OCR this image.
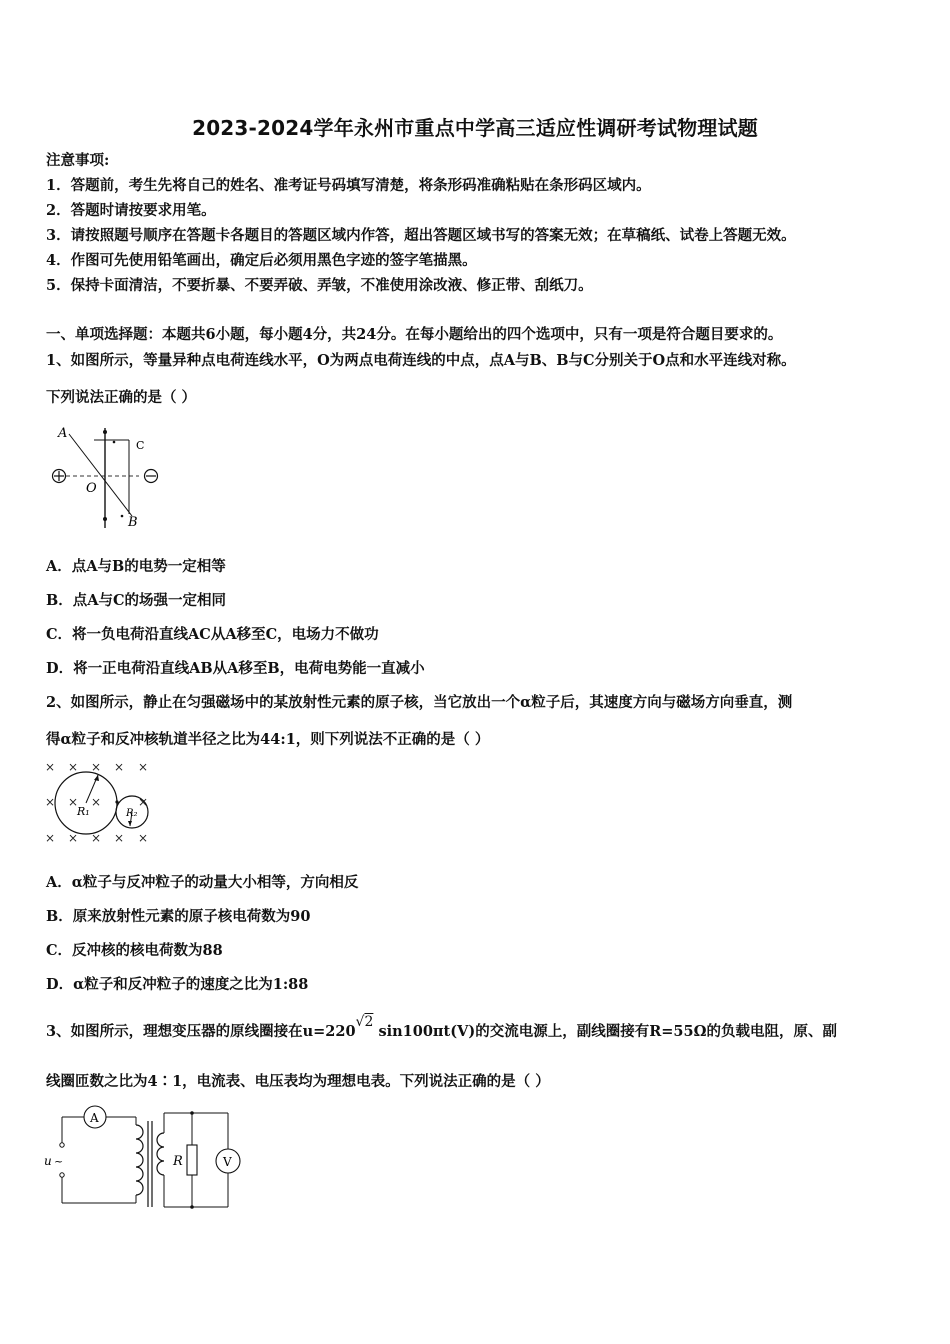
2023-2024学年永州市重点中学高三适应性调研考试物理试题
注意事项:
1．答题前，考生先将自己的姓名、准考证号码填写清楚，将条形码准确粘贴在条形码区域内。
2．答题时请按要求用笔。
3．请按照题号顺序在答题卡各题目的答题区域内作答，超出答题区域书写的答案无效；在草稿纸、试卷上答题无效。
4．作图可先使用铅笔画出，确定后必须用黑色字迹的签字笔描黑。
5．保持卡面清洁，不要折暴、不要弄破、弄皱，不准使用涂改液、修正带、刮纸刀。
一、单项选择题：本题共6小题，每小题4分，共24分。在每小题给出的四个选项中，只有一项是符合题目要求的。
1、如图所示，等量异种点电荷连线水平，O为两点电荷连线的中点，点A与B、B与C分别关于O点和水平连线对称。
下列说法正确的是（ ）
A
C
O
B
A．点A与B的电势一定相等
B．点A与C的场强一定相同
C．将一负电荷沿直线AC从A移至C，电场力不做功
D．将一正电荷沿直线AB从A移至B，电荷电势能一直减小
2、如图所示，静止在匀强磁场中的某放射性元素的原子核，当它放出一个α粒子后，其速度方向与磁场方向垂直，测
得α粒子和反冲核轨道半径之比为44:1，则下列说法不正确的是（ ）
× × × × ×
× × ×	×
× × × × ×
R₁	R₂
A．α粒子与反冲粒子的动量大小相等，方向相反
B．原来放射性元素的原子核电荷数为90
C．反冲核的核电荷数为88
D．α粒子和反冲粒子的速度之比为1:88
3、如图所示，理想变压器的原线圈接在u=220√2 sin100πt(V)的交流电源上，副线圈接有R=55Ω的负载电阻，原、副
线圈匝数之比为4∶1，电流表、电压表均为理想电表。下列说法正确的是（ ）
A
u ~	R	V
